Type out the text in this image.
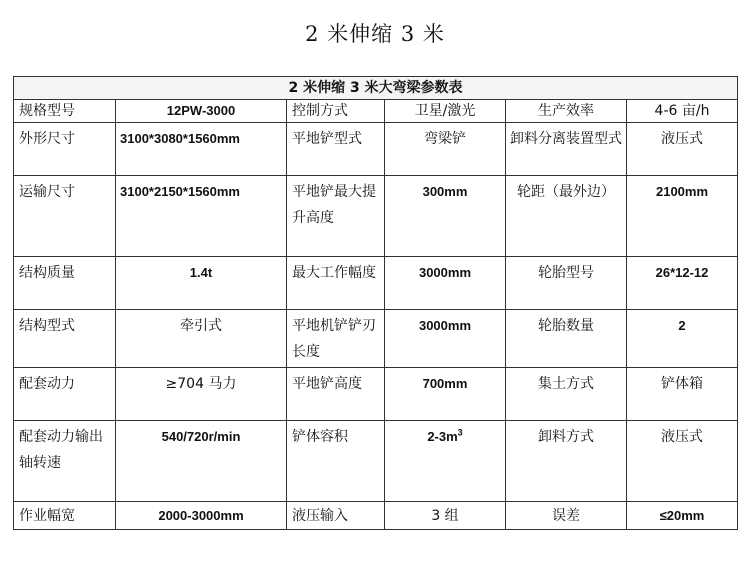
2 米伸缩 3 米
2 米伸缩 3 米大弯梁参数表					
规格型号	12PW-3000	控制方式	卫星/激光	生产效率	4-6 亩/h
外形尺寸	3100*3080*1560mm	平地铲型式	弯梁铲	卸料分离装置型式	液压式
运输尺寸	3100*2150*1560mm	平地铲最大提升高度	300mm	轮距（最外边）	2100mm
结构质量	1.4t	最大工作幅度	3000mm	轮胎型号	26*12-12
结构型式	牵引式	平地机铲铲刃长度	3000mm	轮胎数量	2
配套动力	≥704 马力	平地铲高度	700mm	集土方式	铲体箱
配套动力输出轴转速	540/720r/min	铲体容积	$2-3m^3$	卸料方式	液压式
作业幅宽	2000-3000mm	液压输入	3 组	误差	≤20mm
